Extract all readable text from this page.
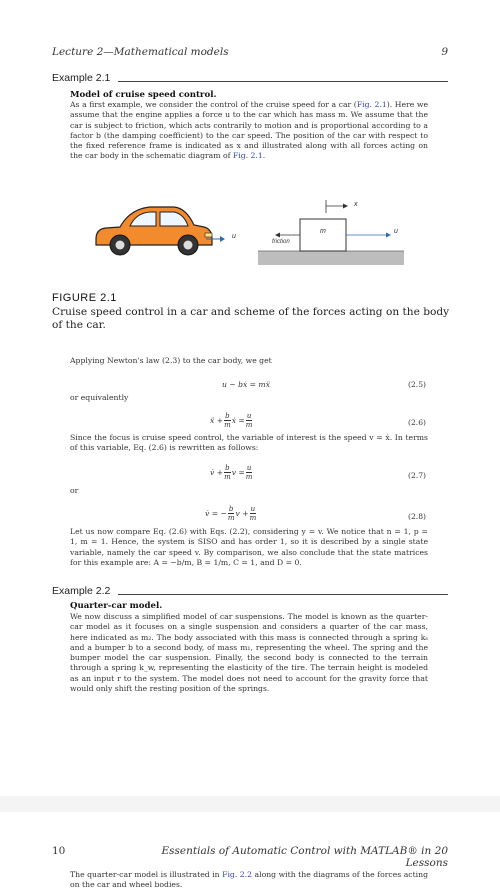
Lecture 2—Mathematical models	9
Example 2.1
Model of cruise speed control.
As a first example, we consider the control of the cruise speed for a car (Fig. 2.1). Here we assume that the engine applies a force u to the car which has mass m. We assume that the car is subject to friction, which acts contrarily to motion and is proportional according to a factor b (the damping coefficient) to the car speed. The position of the car with respect to the fixed reference frame is indicated as x and illustrated along with all forces acting on the car body in the schematic diagram of Fig. 2.1.
u
x
m	u
friction
FIGURE 2.1
Cruise speed control in a car and scheme of the forces acting on the body of the car.
Applying Newton's law (2.3) to the car body, we get
u − bẋ = mẍ	(2.5)
or equivalently
ẍ + $\frac{b}{m}$ ẋ = $\frac{u}{m}$	(2.6)
Since the focus is cruise speed control, the variable of interest is the speed v = ẋ. In terms of this variable, Eq. (2.6) is rewritten as follows:
v̇ + $\frac{b}{m}$ $v = \frac{u}{m}$	(2.7)
or
v̇ = − $\frac{b}{m}$ $v + \frac{u}{m}$	(2.8)
Let us now compare Eq. (2.6) with Eqs. (2.2), considering y = v. We notice that n = 1, p = 1, m = 1. Hence, the system is SISO and has order 1, so it is described by a single state variable, namely the car speed v. By comparison, we also conclude that the state matrices for this example are: A = −b/m, B = 1/m, C = 1, and D = 0.
Example 2.2
Quarter-car model.
We now discuss a simplified model of car suspensions. The model is known as the quarter-car model as it focuses on a single suspension and considers a quarter of the car mass, here indicated as m₂. The body associated with this mass is connected through a spring kₛ and a bumper b to a second body, of mass m₁, representing the wheel. The spring and the bumper model the car suspension. Finally, the second body is connected to the terrain through a spring k_w, representing the elasticity of the tire. The terrain height is modeled as an input r to the system. The model does not need to account for the gravity force that would only shift the resting position of the springs.
10	Essentials of Automatic Control with MATLAB® in 20 Lessons
The quarter-car model is illustrated in Fig. 2.2 along with the diagrams of the forces acting on the car and wheel bodies.
